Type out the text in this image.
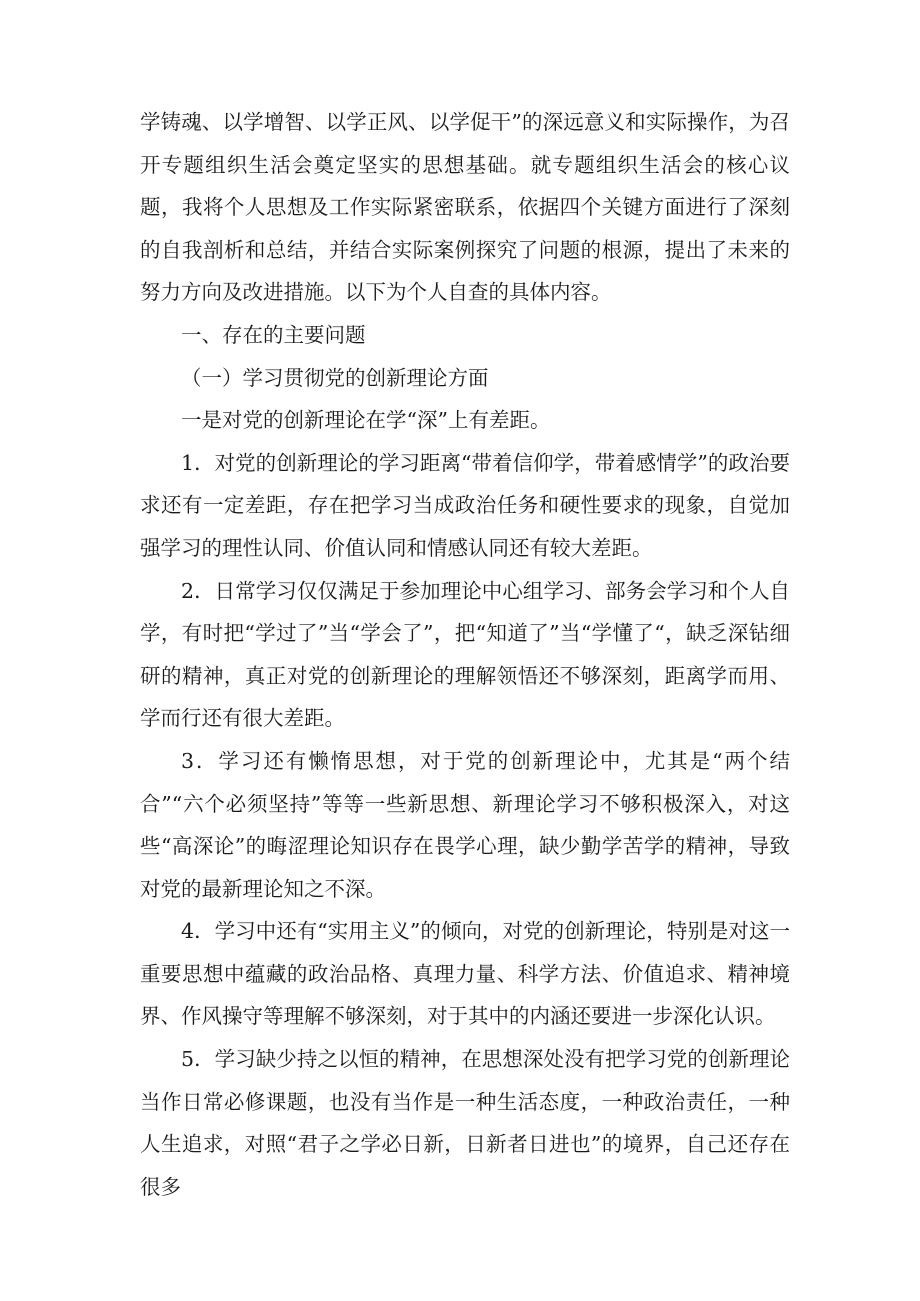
学铸魂、以学增智、以学正风、以学促干”的深远意义和实际操作，为召开专题组织生活会奠定坚实的思想基础。就专题组织生活会的核心议题，我将个人思想及工作实际紧密联系，依据四个关键方面进行了深刻的自我剖析和总结，并结合实际案例探究了问题的根源，提出了未来的努力方向及改进措施。以下为个人自查的具体内容。

一、存在的主要问题

（一）学习贯彻党的创新理论方面

一是对党的创新理论在学“深”上有差距。

1．对党的创新理论的学习距离“带着信仰学，带着感情学”的政治要求还有一定差距，存在把学习当成政治任务和硬性要求的现象，自觉加强学习的理性认同、价值认同和情感认同还有较大差距。

2．日常学习仅仅满足于参加理论中心组学习、部务会学习和个人自学，有时把“学过了”当“学会了”，把“知道了”当“学懂了“，缺乏深钻细研的精神，真正对党的创新理论的理解领悟还不够深刻，距离学而用、学而行还有很大差距。

3．学习还有懒惰思想，对于党的创新理论中，尤其是“两个结合”“六个必须坚持”等等一些新思想、新理论学习不够积极深入，对这些“高深论”的晦涩理论知识存在畏学心理，缺少勤学苦学的精神，导致对党的最新理论知之不深。

4．学习中还有“实用主义”的倾向，对党的创新理论，特别是对这一重要思想中蕴藏的政治品格、真理力量、科学方法、价值追求、精神境界、作风操守等理解不够深刻，对于其中的内涵还要进一步深化认识。

5．学习缺少持之以恒的精神，在思想深处没有把学习党的创新理论当作日常必修课题，也没有当作是一种生活态度，一种政治责任，一种人生追求，对照“君子之学必日新，日新者日进也”的境界，自己还存在很多
